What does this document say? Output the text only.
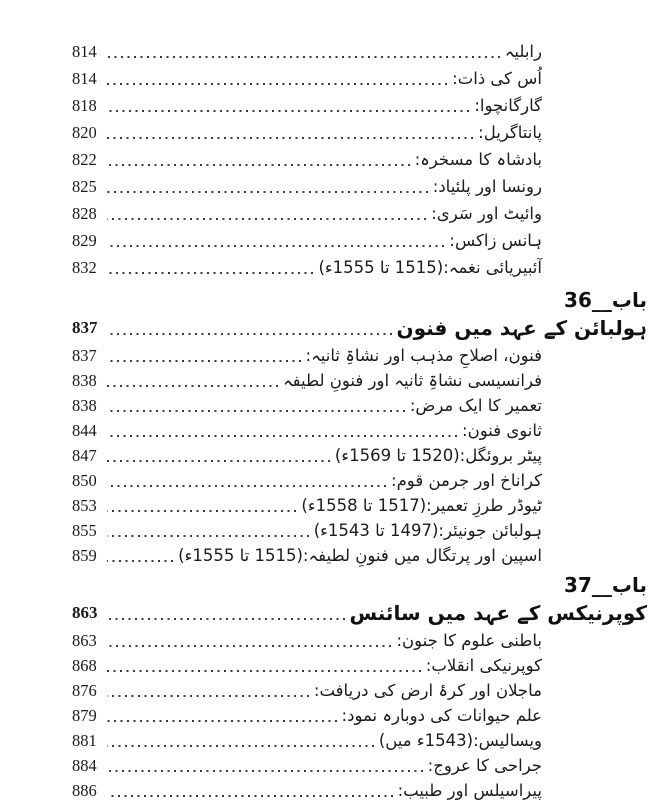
رابلیہ
814
اُس کی ذات:
814
گارگانچوا:
818
پانتاگریل:
820
بادشاہ کا مسخرہ:
822
رونسا اور پلئیاد:
825
وائیٹ اور سَری:
828
ہانس زاکس:
829
آئبیریائی نغمہ:(1515 تا 1555ء)
832
باب__36
ہولبائن کے عہد میں فنون
837
فنون، اصلاحِ مذہب اور نشاۃِ ثانیہ:
837
فرانسیسی نشاۃِ ثانیہ اور فنونِ لطیفہ
838
تعمیر کا ایک مرض:
838
ثانوی فنون:
844
پیٹر بروئگل:(1520 تا 1569ء)
847
کراناخ اور جرمن قوم:
850
ٹیوڈر طرزِ تعمیر:(1517 تا 1558ء)
853
ہولبائن جونیئر:(1497 تا 1543ء)
855
اسپین اور پرتگال میں فنونِ لطیفہ:(1515 تا 1555ء)
859
باب__37
کوپرنیکس کے عہد میں سائنس
863
باطنی علوم کا جنون:
863
کوپرنیکی انقلاب:
868
ماجلان اور کرۂ ارض کی دریافت:
876
علم حیوانات کی دوبارہ نمود:
879
ویسالیس:(1543ء میں)
881
جراحی کا عروج:
884
پیراسیلس اور طبیب:
886
